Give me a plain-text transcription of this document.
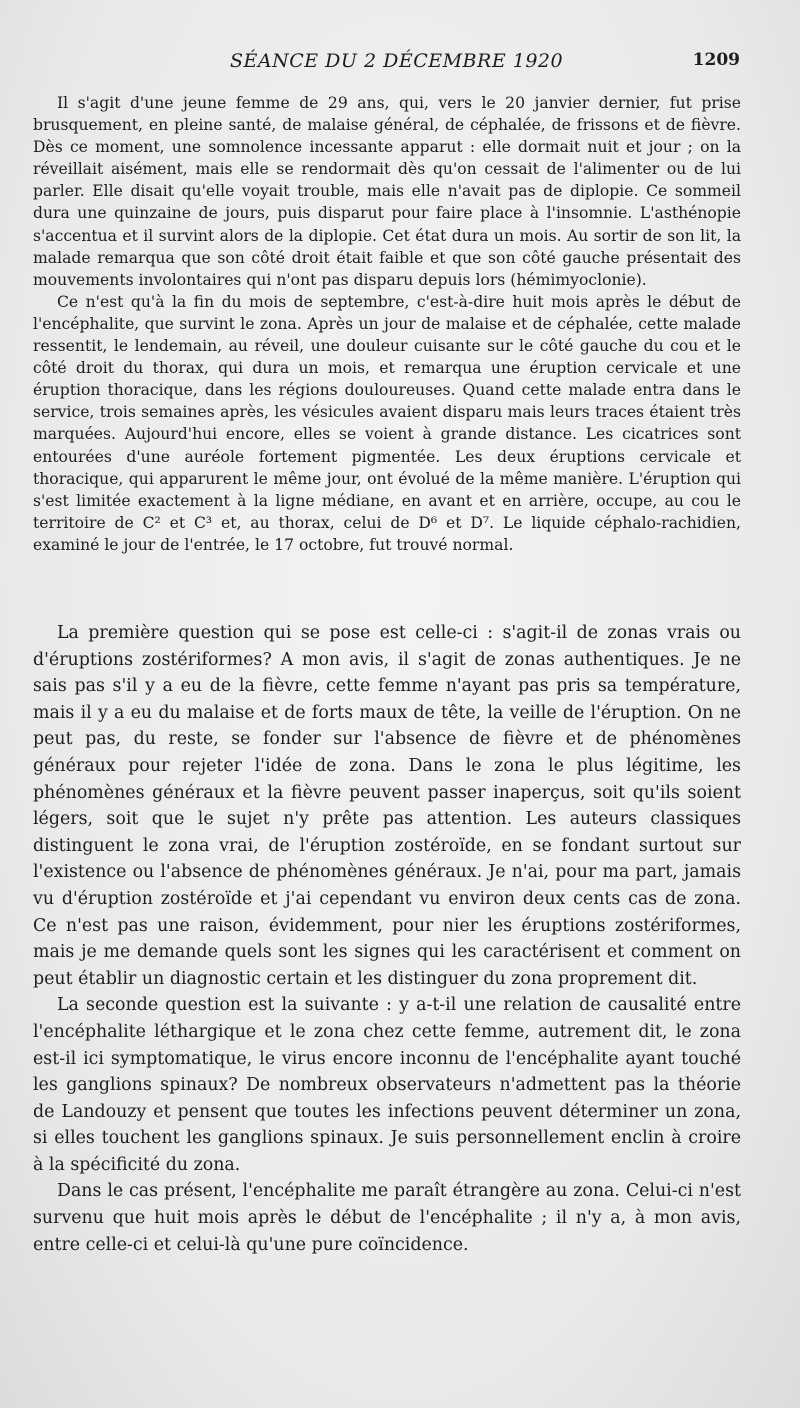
SÉANCE DU 2 DÉCEMBRE 1920	1209

Il s'agit d'une jeune femme de 29 ans, qui, vers le 20 janvier dernier, fut prise brusquement, en pleine santé, de malaise général, de céphalée, de frissons et de fièvre. Dès ce moment, une somnolence incessante apparut : elle dormait nuit et jour ; on la réveillait aisément, mais elle se rendormait dès qu'on cessait de l'alimenter ou de lui parler. Elle disait qu'elle voyait trouble, mais elle n'avait pas de diplopie. Ce sommeil dura une quinzaine de jours, puis disparut pour faire place à l'insomnie. L'asthénopie s'accentua et il survint alors de la diplopie. Cet état dura un mois. Au sortir de son lit, la malade remarqua que son côté droit était faible et que son côté gauche présentait des mouvements involontaires qui n'ont pas disparu depuis lors (hémimyoclonie).

Ce n'est qu'à la fin du mois de septembre, c'est-à-dire huit mois après le début de l'encéphalite, que survint le zona. Après un jour de malaise et de céphalée, cette malade ressentit, le lendemain, au réveil, une douleur cuisante sur le côté gauche du cou et le côté droit du thorax, qui dura un mois, et remarqua une éruption cervicale et une éruption thoracique, dans les régions douloureuses. Quand cette malade entra dans le service, trois semaines après, les vésicules avaient disparu mais leurs traces étaient très marquées. Aujourd'hui encore, elles se voient à grande distance. Les cicatrices sont entourées d'une auréole fortement pigmentée. Les deux éruptions cervicale et thoracique, qui apparurent le même jour, ont évolué de la même manière. L'éruption qui s'est limitée exactement à la ligne médiane, en avant et en arrière, occupe, au cou le territoire de C² et C³ et, au thorax, celui de D⁶ et D⁷. Le liquide céphalo-rachidien, examiné le jour de l'entrée, le 17 octobre, fut trouvé normal.

La première question qui se pose est celle-ci : s'agit-il de zonas vrais ou d'éruptions zostériformes? A mon avis, il s'agit de zonas authentiques. Je ne sais pas s'il y a eu de la fièvre, cette femme n'ayant pas pris sa température, mais il y a eu du malaise et de forts maux de tête, la veille de l'éruption. On ne peut pas, du reste, se fonder sur l'absence de fièvre et de phénomènes généraux pour rejeter l'idée de zona. Dans le zona le plus légitime, les phénomènes généraux et la fièvre peuvent passer inaperçus, soit qu'ils soient légers, soit que le sujet n'y prête pas attention. Les auteurs classiques distinguent le zona vrai, de l'éruption zostéroïde, en se fondant surtout sur l'existence ou l'absence de phénomènes généraux. Je n'ai, pour ma part, jamais vu d'éruption zostéroïde et j'ai cependant vu environ deux cents cas de zona. Ce n'est pas une raison, évidemment, pour nier les éruptions zostériformes, mais je me demande quels sont les signes qui les caractérisent et comment on peut établir un diagnostic certain et les distinguer du zona proprement dit.

La seconde question est la suivante : y a-t-il une relation de causalité entre l'encéphalite léthargique et le zona chez cette femme, autrement dit, le zona est-il ici symptomatique, le virus encore inconnu de l'encéphalite ayant touché les ganglions spinaux? De nombreux observateurs n'admettent pas la théorie de Landouzy et pensent que toutes les infections peuvent déterminer un zona, si elles touchent les ganglions spinaux. Je suis personnellement enclin à croire à la spécificité du zona.

Dans le cas présent, l'encéphalite me paraît étrangère au zona. Celui-ci n'est survenu que huit mois après le début de l'encéphalite ; il n'y a, à mon avis, entre celle-ci et celui-là qu'une pure coïncidence.
